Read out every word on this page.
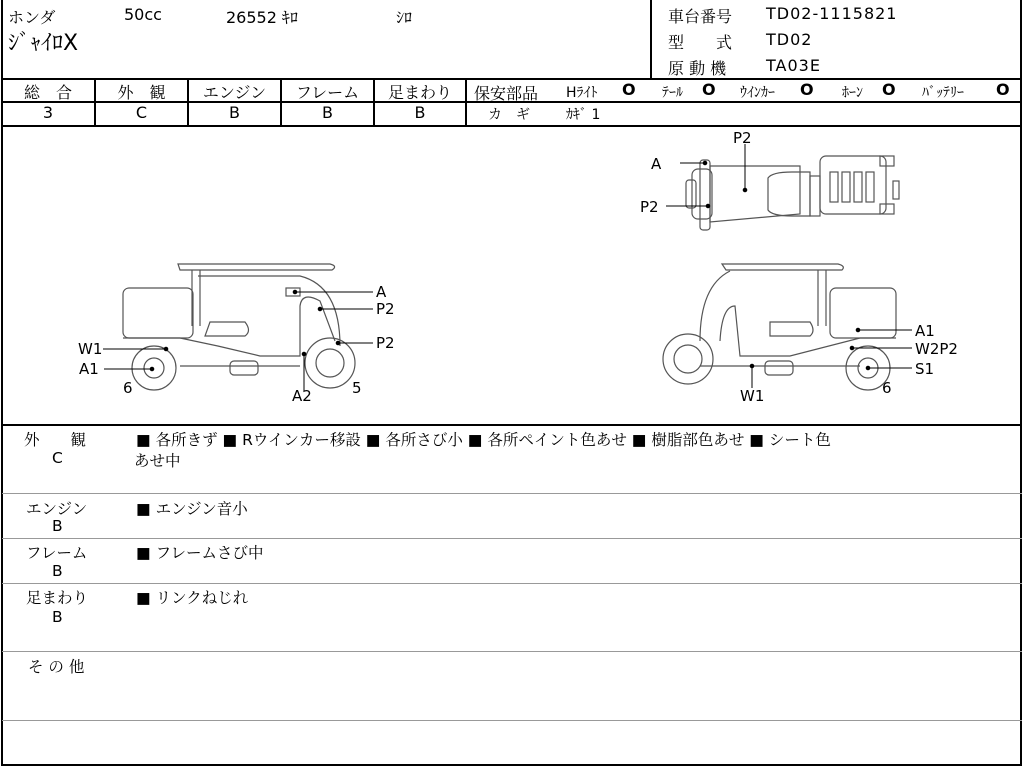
ホンダ	50cc	26552 ｷﾛ	ｼﾛ
ｼﾞｬｲﾛX
車台番号 TD02-1115821
型　　式 TD02
原 動 機 TA03E
総　合	外　観	エンジン	フレーム	足まわり
3	C	B	B	B
保安部品 Hﾗｲﾄ O ﾃｰﾙ O ｳｲﾝｶｰ O ﾎｰﾝ O ﾊﾞｯﾃﾘｰ O
カ　ギ	ｶｷﾞ 1
A
P2
P2
W1
A1
6
A
P2
P2
A2	5
A1
W2P2
S1
W1	6
外　　観
C
■ 各所きず ■ Rウインカー移設 ■ 各所さび小 ■ 各所ペイント色あせ ■ 樹脂部色あせ ■ シート色
あせ中
エンジン
B
■ エンジン音小
フレーム
B
■ フレームさび中
足まわり
B
■ リンクねじれ
そ の 他
